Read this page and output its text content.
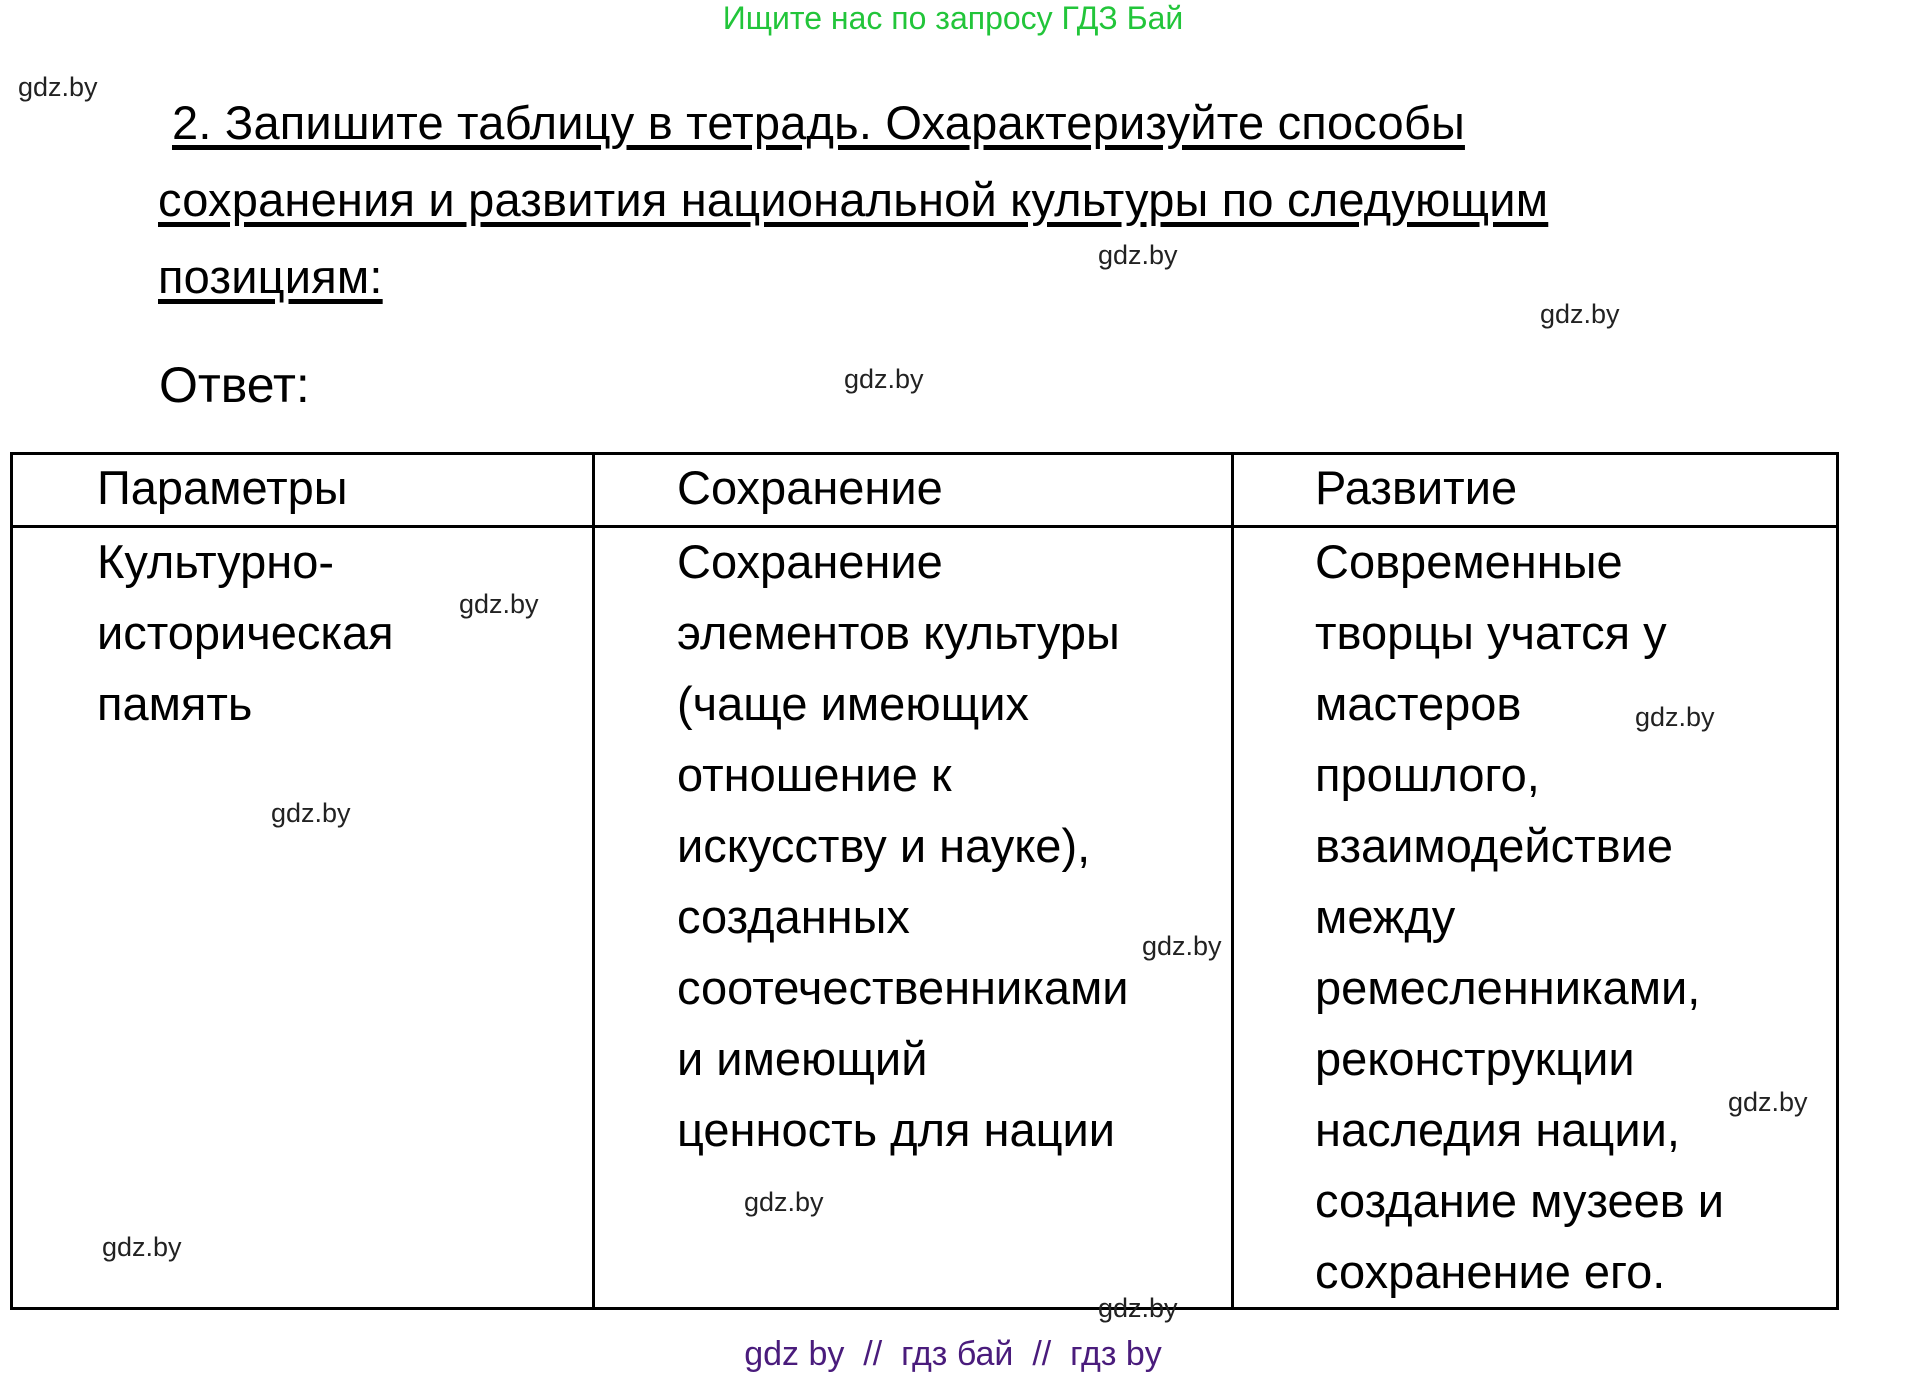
Ищите нас по запросу ГДЗ Бай
2. Запишите таблицу в тетрадь. Охарактеризуйте способы
сохранения и развития национальной культуры по следующим
позициям:
Ответ:
Параметры	Сохранение	Развитие
Культурно-
историческая
память
Сохранение
элементов культуры
(чаще имеющих
отношение к
искусству и науке),
созданных
соотечественниками
и имеющий
ценность для нации
Современные
творцы учатся у
мастеров
прошлого,
взаимодействие
между
ремесленниками,
реконструкции
наследия нации,
создание музеев и
сохранение его.
gdz.by
gdz.by
gdz.by
gdz.by
gdz.by
gdz.by
gdz.by
gdz.by
gdz.by
gdz.by
gdz.by
gdz.by
gdz by  //  гдз бай  //  гдз by
